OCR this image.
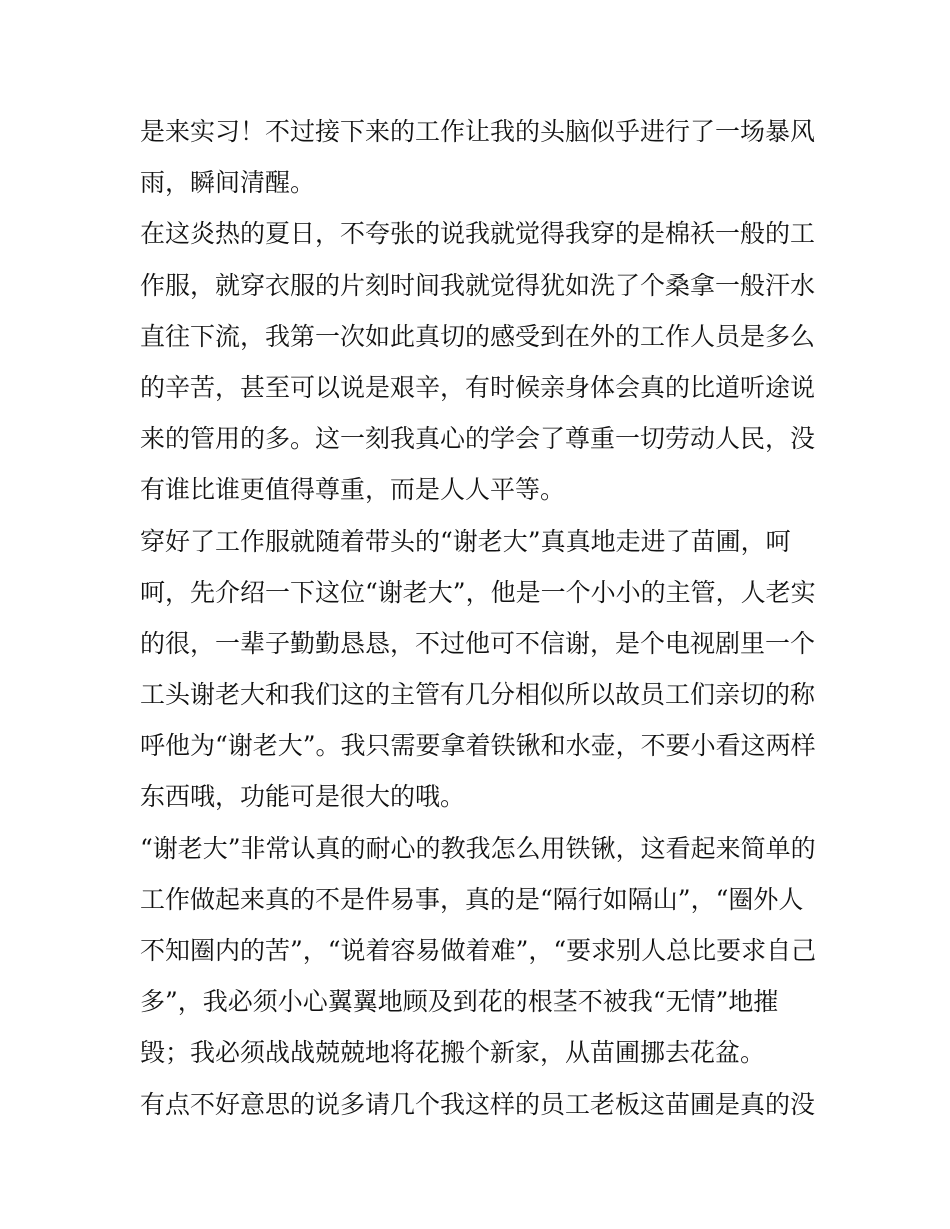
是来实习！不过接下来的工作让我的头脑似乎进行了一场暴风
雨，瞬间清醒。
在这炎热的夏日，不夸张的说我就觉得我穿的是棉袄一般的工
作服，就穿衣服的片刻时间我就觉得犹如洗了个桑拿一般汗水
直往下流，我第一次如此真切的感受到在外的工作人员是多么
的辛苦，甚至可以说是艰辛，有时候亲身体会真的比道听途说
来的管用的多。这一刻我真心的学会了尊重一切劳动人民，没
有谁比谁更值得尊重，而是人人平等。
穿好了工作服就随着带头的“谢老大”真真地走进了苗圃，呵
呵，先介绍一下这位“谢老大”，他是一个小小的主管，人老实
的很，一辈子勤勤恳恳，不过他可不信谢，是个电视剧里一个
工头谢老大和我们这的主管有几分相似所以故员工们亲切的称
呼他为“谢老大”。我只需要拿着铁锹和水壶，不要小看这两样
东西哦，功能可是很大的哦。
“谢老大”非常认真的耐心的教我怎么用铁锹，这看起来简单的
工作做起来真的不是件易事，真的是“隔行如隔山”，“圈外人
不知圈内的苦”，“说着容易做着难”，“要求别人总比要求自己
多”，我必须小心翼翼地顾及到花的根茎不被我“无情”地摧
毁；我必须战战兢兢地将花搬个新家，从苗圃挪去花盆。
有点不好意思的说多请几个我这样的员工老板这苗圃是真的没
